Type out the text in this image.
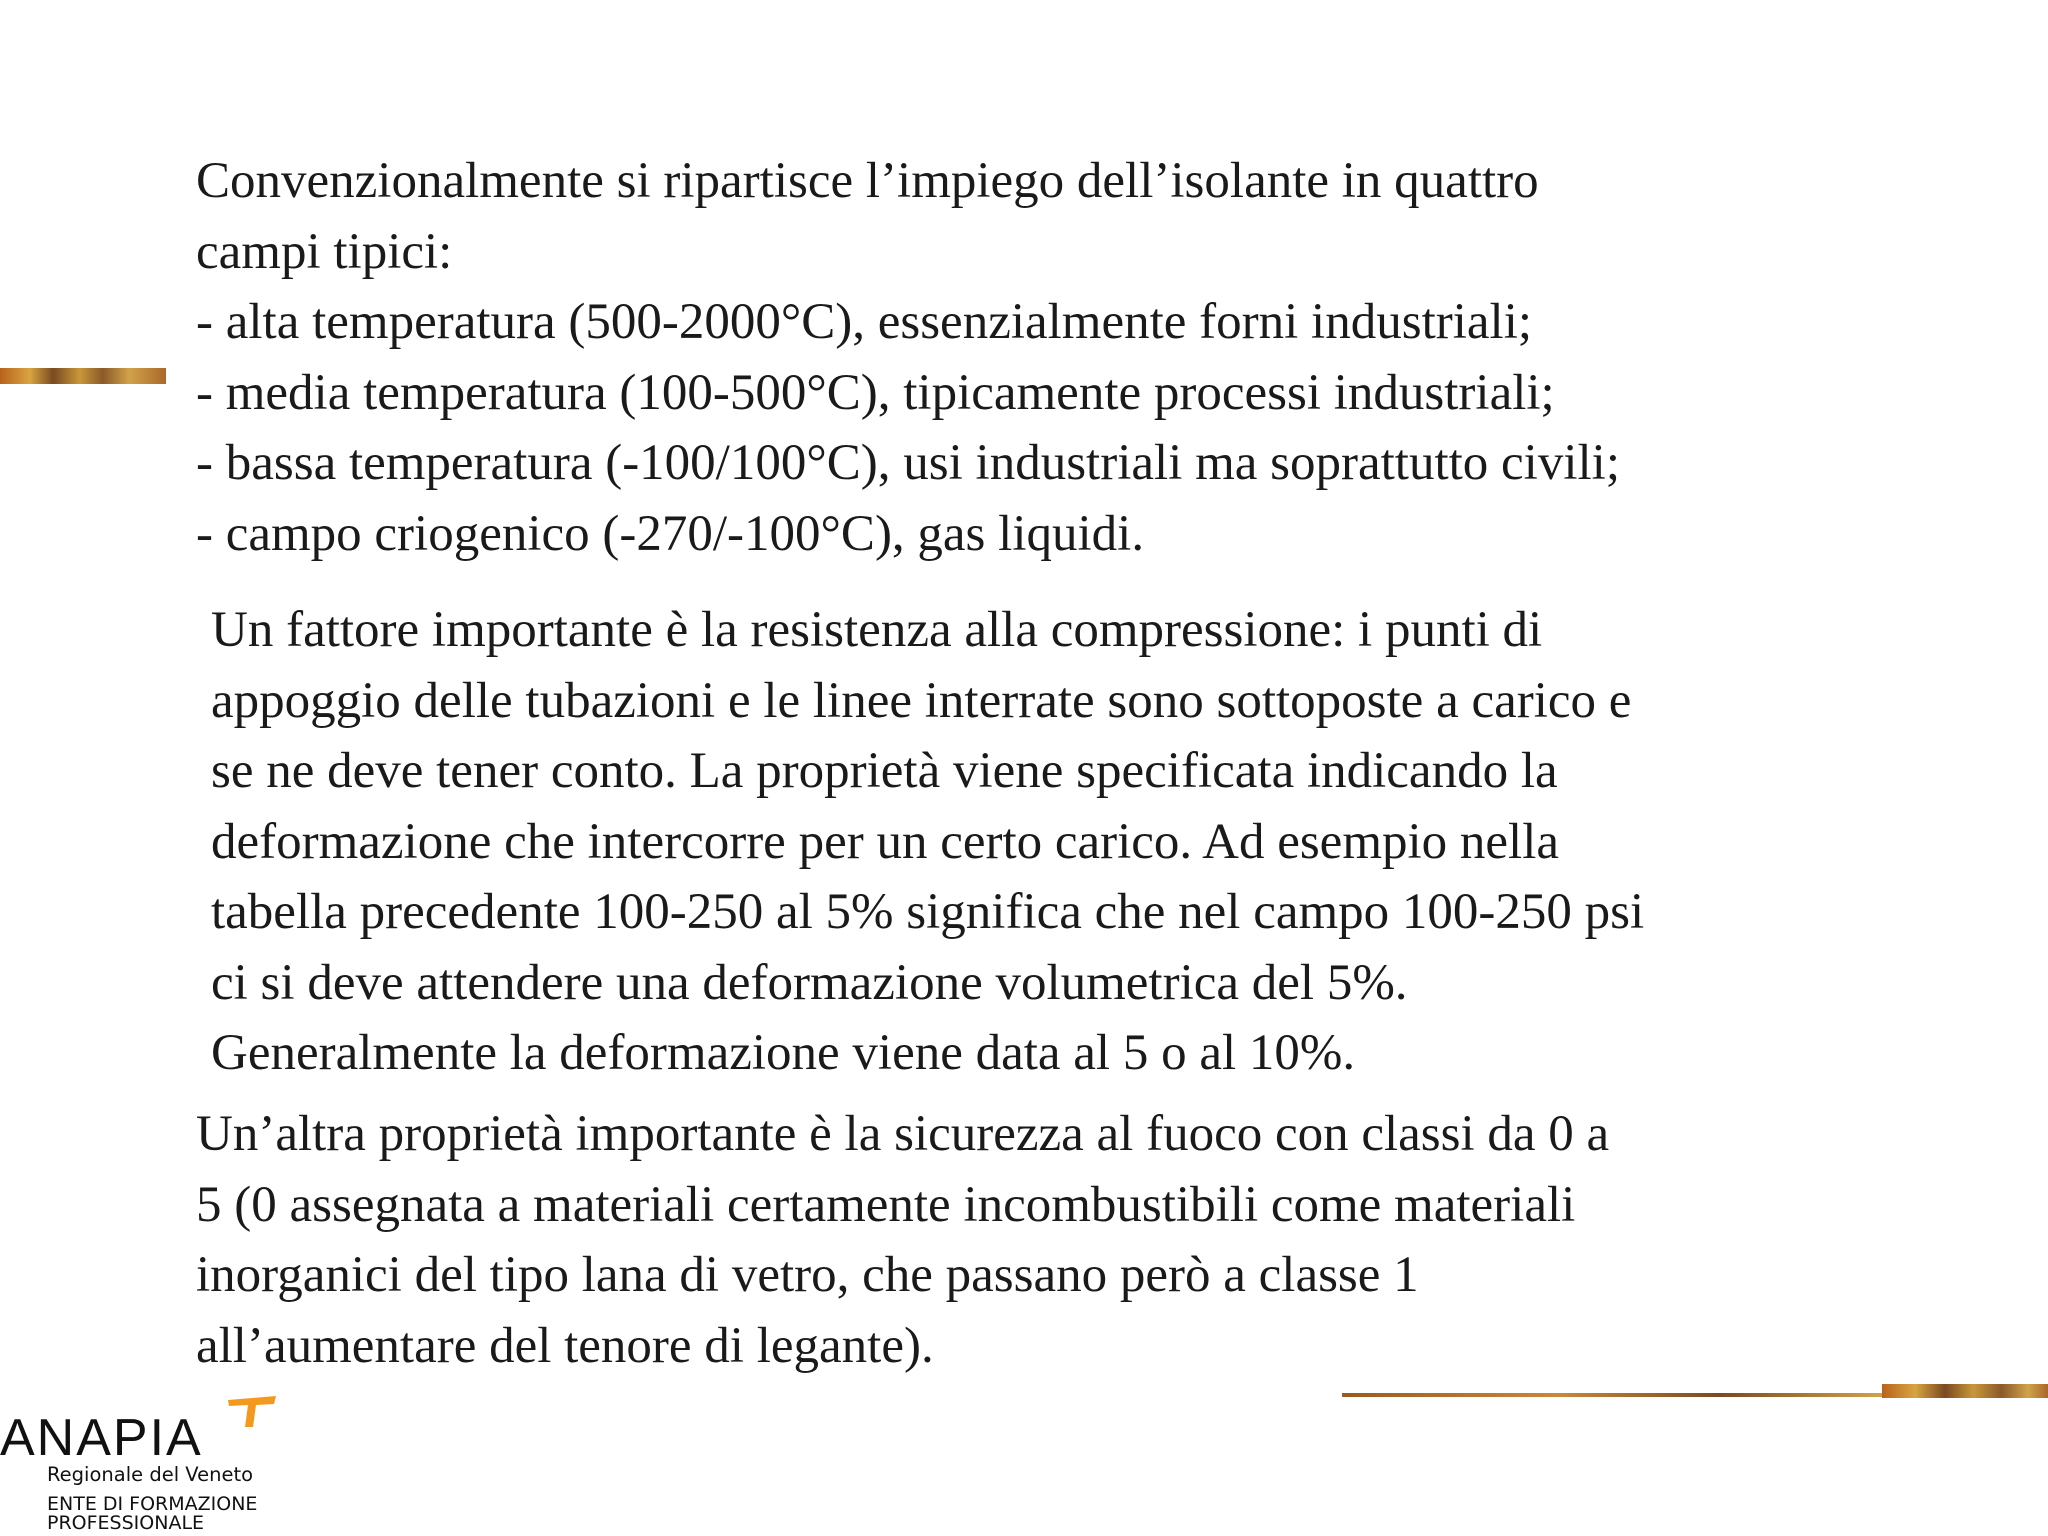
Convenzionalmente si ripartisce l’impiego dell’isolante in quattro
campi tipici:
- alta temperatura (500-2000°C), essenzialmente forni industriali;
- media temperatura (100-500°C), tipicamente processi industriali;
- bassa temperatura (-100/100°C), usi industriali ma soprattutto civili;
- campo criogenico (-270/-100°C), gas liquidi.
Un fattore importante è la resistenza alla compressione: i punti di
appoggio delle tubazioni e le linee interrate sono sottoposte a carico e
se ne deve tener conto. La proprietà viene specificata indicando la
deformazione che intercorre per un certo carico. Ad esempio nella
tabella precedente 100-250 al 5% significa che nel campo 100-250 psi
ci si deve attendere una deformazione volumetrica del 5%.
Generalmente la deformazione viene data al 5 o al 10%.
Un’altra proprietà importante è la sicurezza al fuoco con classi da 0 a
5 (0 assegnata a materiali certamente incombustibili come materiali
inorganici del tipo lana di vetro, che passano però a classe 1
all’aumentare del tenore di legante).
ANAPIA
Regionale del Veneto
ENTE DI FORMAZIONE
PROFESSIONALE
